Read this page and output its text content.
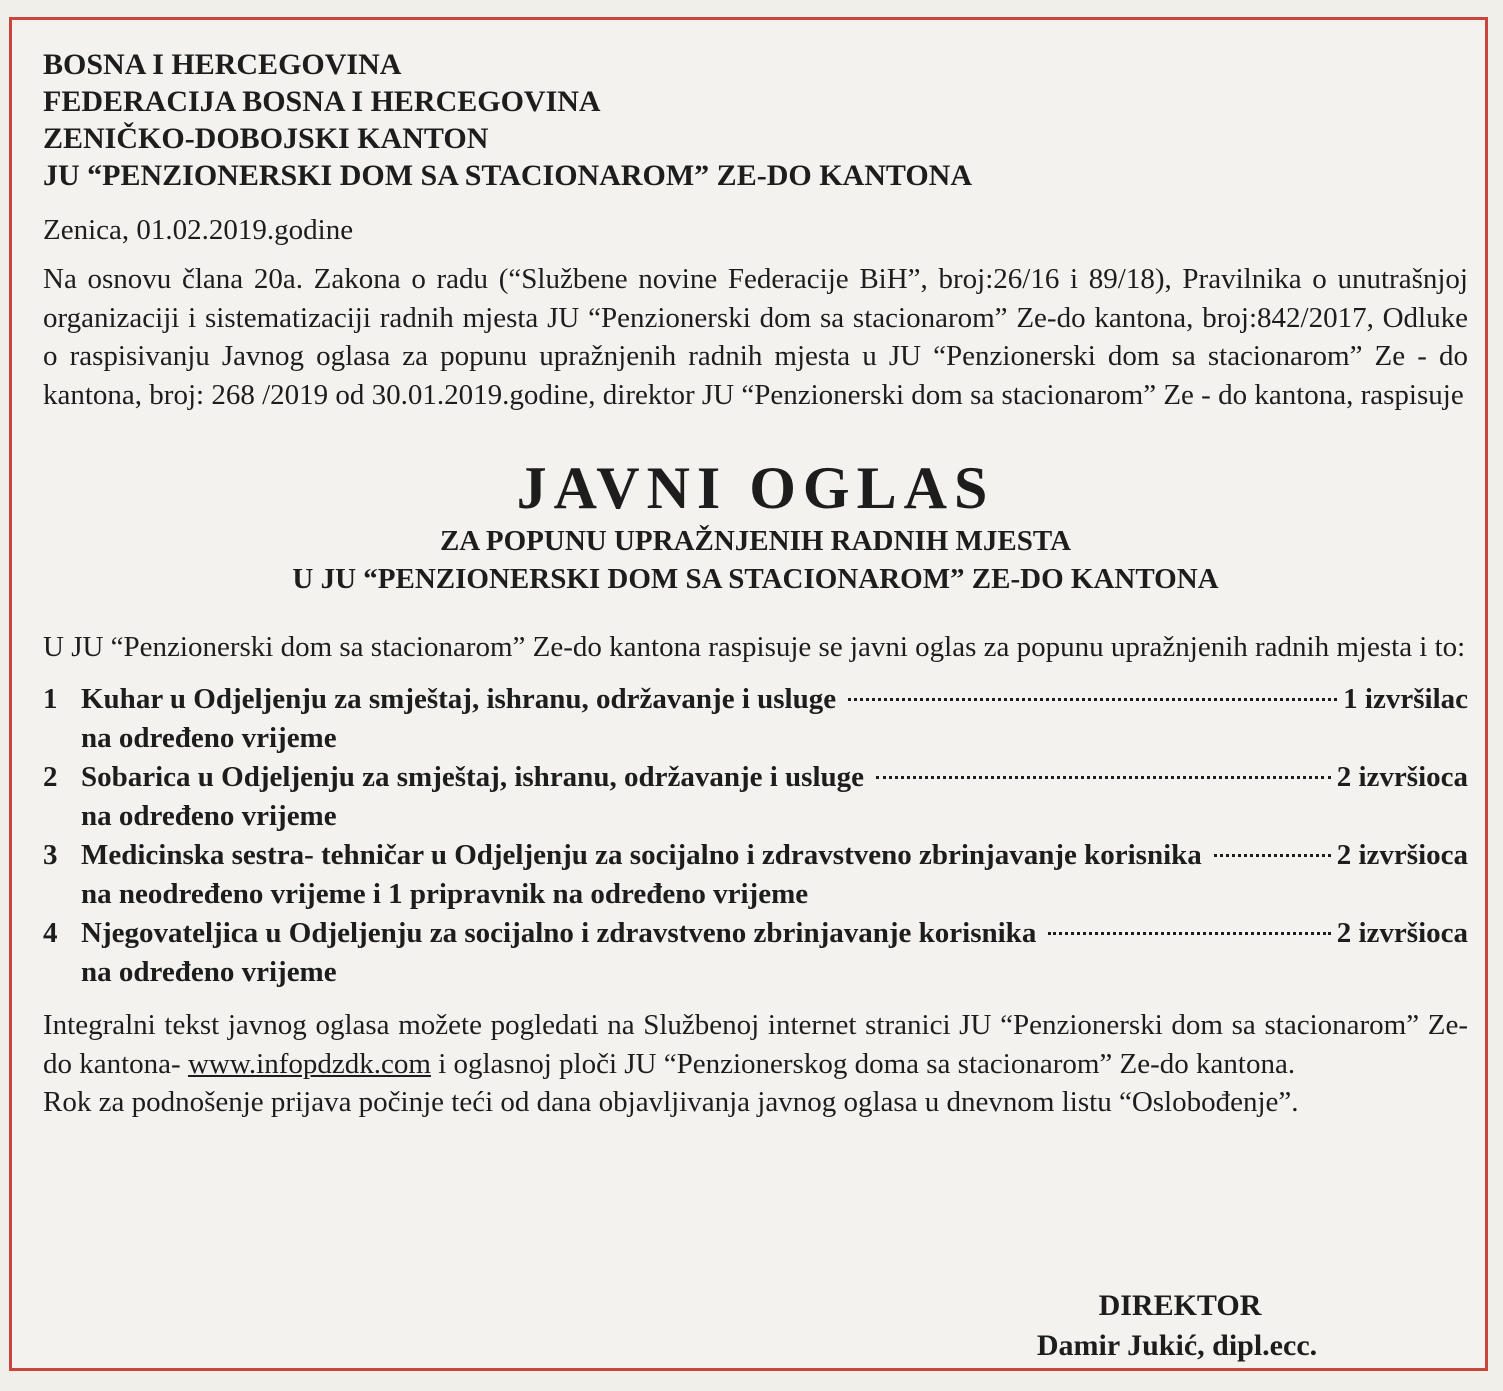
BOSNA I HERCEGOVINA

FEDERACIJA BOSNA I HERCEGOVINA

ZENIČKO-DOBOJSKI KANTON

JU “PENZIONERSKI DOM SA STACIONAROM” ZE-DO KANTONA

Zenica, 01.02.2019.godine

Na osnovu člana 20a. Zakona o radu (“Službene novine Federacije BiH”, broj:26/16 i 89/18), Pravilnika o unutrašnjoj organizaciji i sistematizaciji radnih mjesta JU “Penzionerski dom sa stacionarom” Ze-do kantona, broj:842/2017, Odluke o raspisivanju Javnog oglasa za popunu upražnjenih radnih mjesta u JU “Penzionerski dom sa stacionarom” Ze - do kantona, broj: 268 /2019 od 30.01.2019.godine, direktor JU “Penzionerski dom sa stacionarom” Ze - do kantona, raspisuje

JAVNI OGLAS

ZA POPUNU UPRAŽNJENIH RADNIH MJESTA

U JU “PENZIONERSKI DOM SA STACIONAROM” ZE-DO KANTONA

U JU “Penzionerski dom sa stacionarom” Ze-do kantona raspisuje se javni oglas za popunu upražnjenih radnih mjesta i to:

1 Kuhar u Odjeljenju za smještaj, ishranu, održavanje i usluge	1 izvršilac
na određeno vrijeme
2 Sobarica u Odjeljenju za smještaj, ishranu, održavanje i usluge	2 izvršioca
na određeno vrijeme
3 Medicinska sestra- tehničar u Odjeljenju za socijalno i zdravstveno zbrinjavanje korisnika	2 izvršioca
na neodređeno vrijeme i 1 pripravnik na određeno vrijeme
4 Njegovateljica u Odjeljenju za socijalno i zdravstveno zbrinjavanje korisnika	2 izvršioca
na određeno vrijeme

Integralni tekst javnog oglasa možete pogledati na Službenoj internet stranici JU “Penzionerski dom sa stacionarom” Ze- do kantona- www.infopdzdk.com i oglasnoj ploči JU “Penzionerskog doma sa stacionarom” Ze-do kantona.

Rok za podnošenje prijava počinje teći od dana objavljivanja javnog oglasa u dnevnom listu “Oslobođenje”.

DIREKTOR
Damir Jukić, dipl.ecc.
